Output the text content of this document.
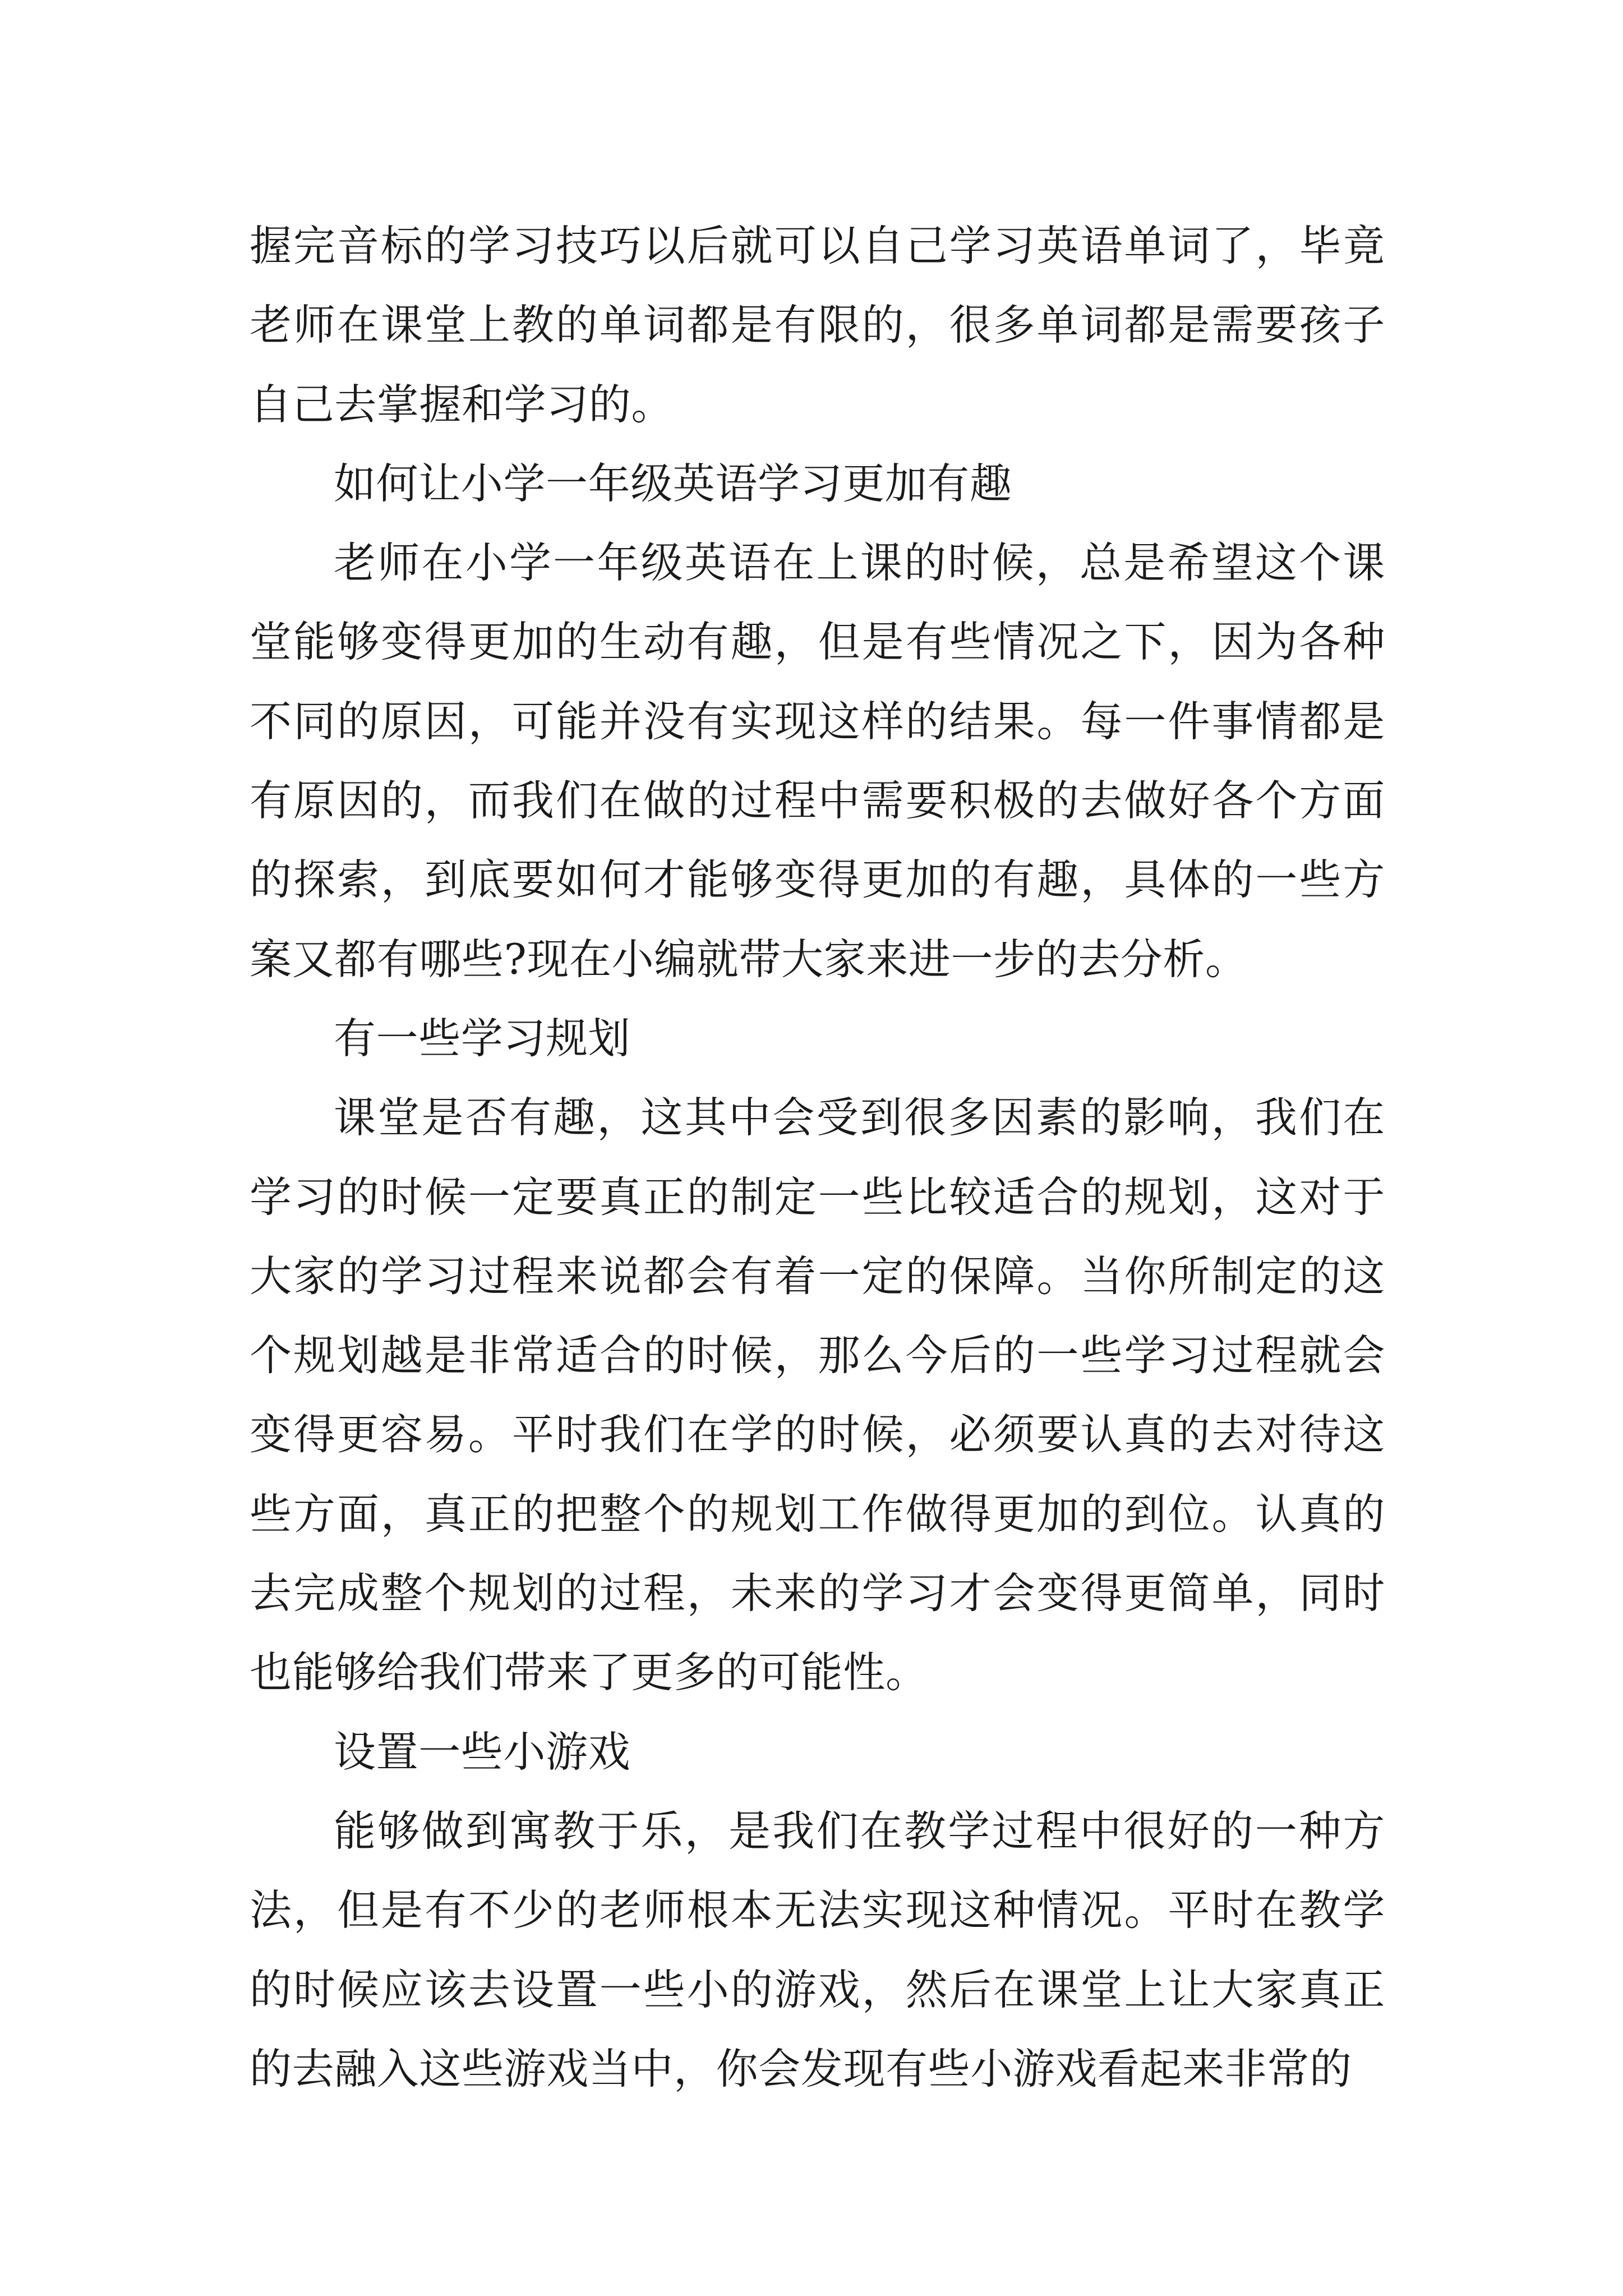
握完音标的学习技巧以后就可以自己学习英语单词了，毕竟老师在课堂上教的单词都是有限的，很多单词都是需要孩子自己去掌握和学习的。

如何让小学一年级英语学习更加有趣

老师在小学一年级英语在上课的时候，总是希望这个课堂能够变得更加的生动有趣，但是有些情况之下，因为各种不同的原因，可能并没有实现这样的结果。每一件事情都是有原因的，而我们在做的过程中需要积极的去做好各个方面的探索，到底要如何才能够变得更加的有趣，具体的一些方案又都有哪些?现在小编就带大家来进一步的去分析。

有一些学习规划

课堂是否有趣，这其中会受到很多因素的影响，我们在学习的时候一定要真正的制定一些比较适合的规划，这对于大家的学习过程来说都会有着一定的保障。当你所制定的这个规划越是非常适合的时候，那么今后的一些学习过程就会变得更容易。平时我们在学的时候，必须要认真的去对待这些方面，真正的把整个的规划工作做得更加的到位。认真的去完成整个规划的过程，未来的学习才会变得更简单，同时也能够给我们带来了更多的可能性。

设置一些小游戏

能够做到寓教于乐，是我们在教学过程中很好的一种方法，但是有不少的老师根本无法实现这种情况。平时在教学的时候应该去设置一些小的游戏，然后在课堂上让大家真正的去融入这些游戏当中，你会发现有些小游戏看起来非常的
